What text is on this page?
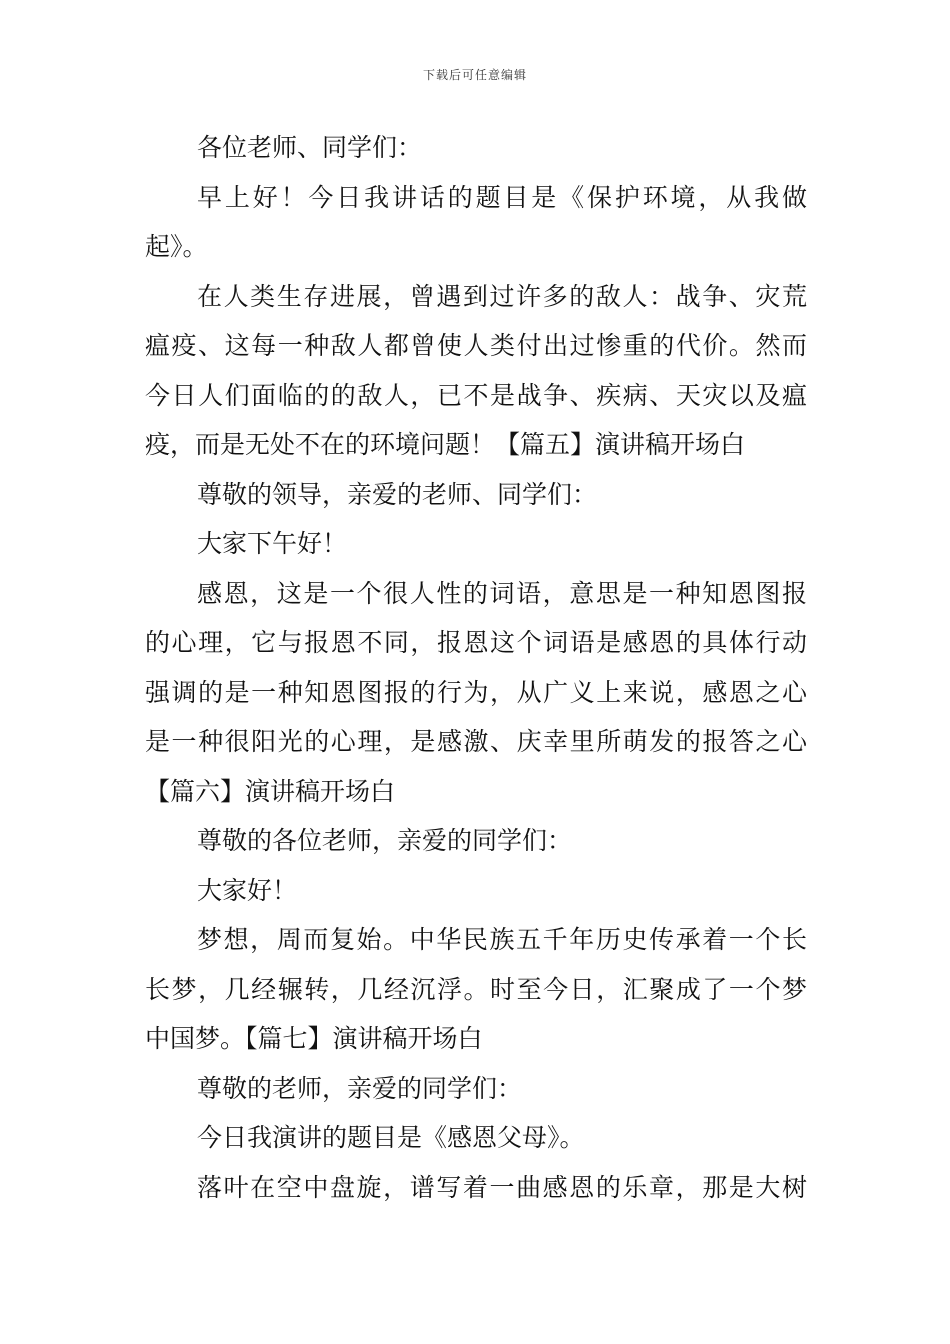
下载后可任意编辑
各位老师、同学们：
早上好！今日我讲话的题目是《保护环境，从我做
起》。
在人类生存进展，曾遇到过许多的敌人：战争、灾荒
瘟疫、这每一种敌人都曾使人类付出过惨重的代价。然而
今日人们面临的的敌人，已不是战争、疾病、天灾以及瘟
疫，而是无处不在的环境问题！【篇五】演讲稿开场白
尊敬的领导，亲爱的老师、同学们：
大家下午好！
感恩，这是一个很人性的词语，意思是一种知恩图报
的心理，它与报恩不同，报恩这个词语是感恩的具体行动
强调的是一种知恩图报的行为，从广义上来说，感恩之心
是一种很阳光的心理，是感激、庆幸里所萌发的报答之心
【篇六】演讲稿开场白
尊敬的各位老师，亲爱的同学们：
大家好！
梦想，周而复始。中华民族五千年历史传承着一个长
长梦，几经辗转，几经沉浮。时至今日，汇聚成了一个梦
中国梦。【篇七】演讲稿开场白
尊敬的老师，亲爱的同学们：
今日我演讲的题目是《感恩父母》。
落叶在空中盘旋，谱写着一曲感恩的乐章，那是大树
